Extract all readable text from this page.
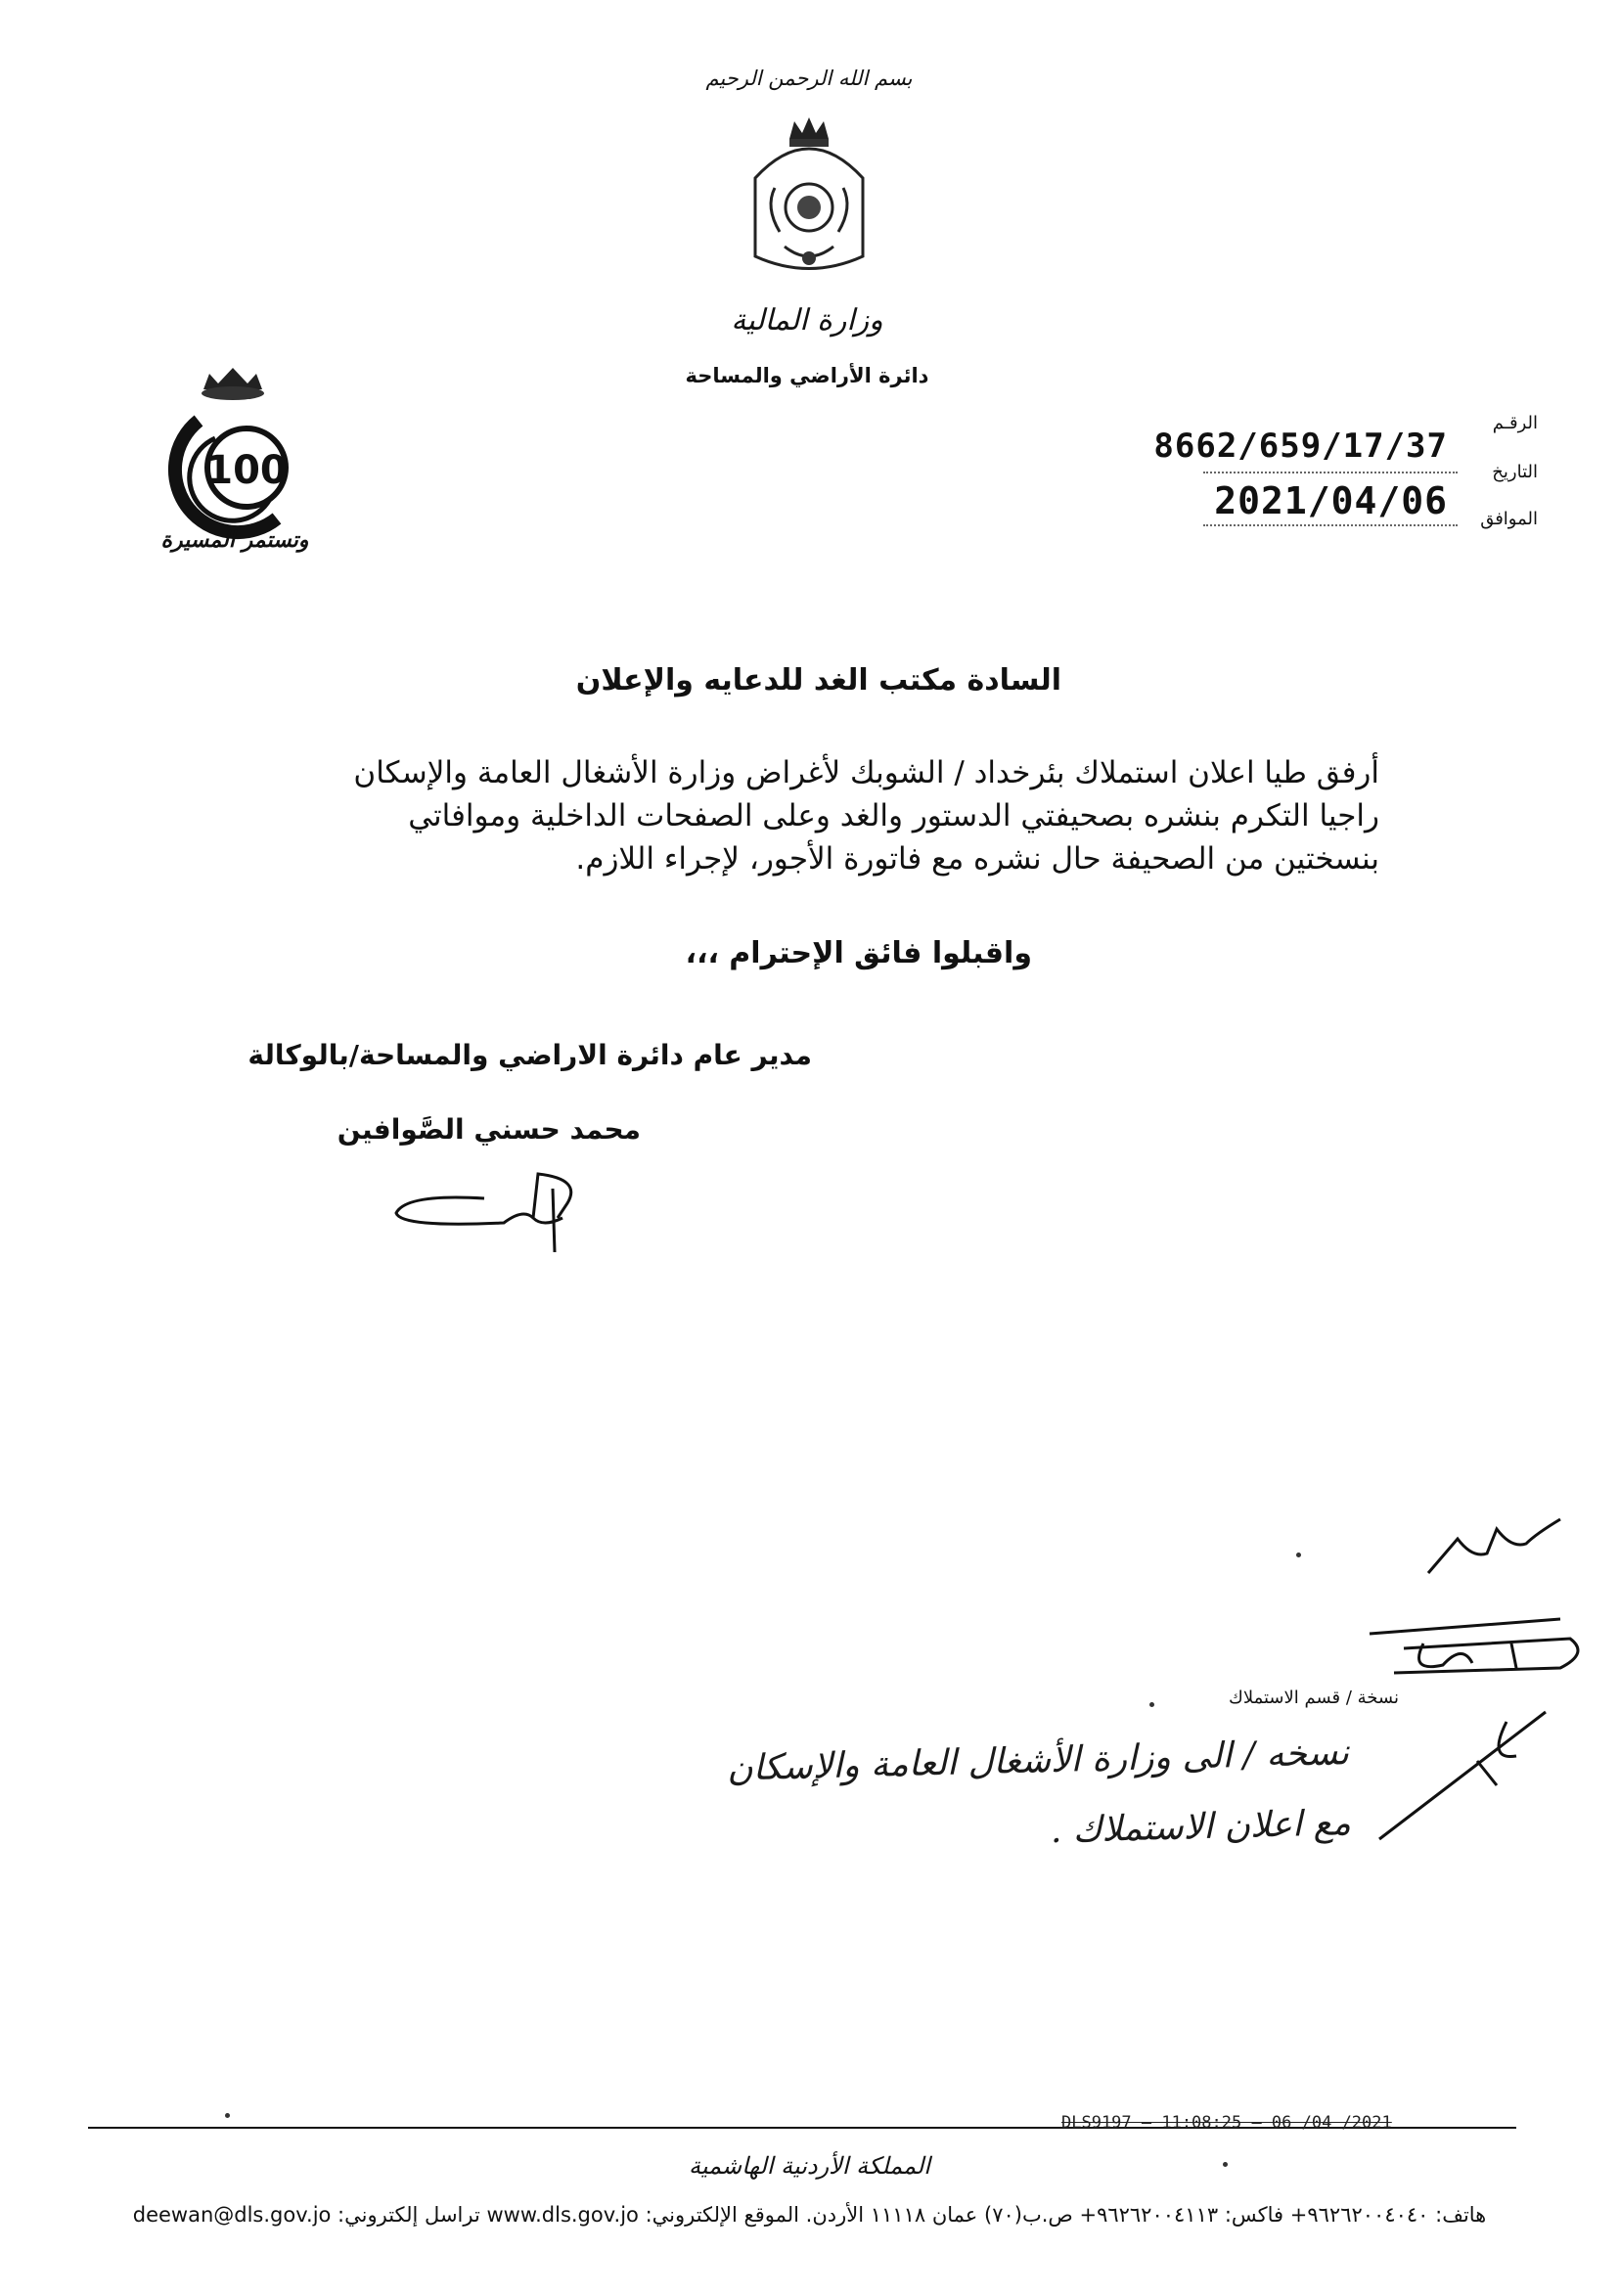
بسم الله الرحمن الرحيم
وزارة المالية
دائرة الأراضي والمساحة
100
وتستمر المسيرة
الرقـم
التاريخ
الموافق
8662/659/17/37
2021/04/06
السادة مكتب الغد للدعايه والإعلان
أرفق طيا اعلان استملاك بئرخداد / الشوبك لأغراض وزارة الأشغال العامة والإسكان راجيا التكرم بنشره بصحيفتي الدستور والغد وعلى الصفحات الداخلية وموافاتي بنسختين من الصحيفة حال نشره مع فاتورة الأجور، لإجراء اللازم.
واقبلوا فائق الإحترام ،،،
مدير عام دائرة الاراضي والمساحة/بالوكالة
محمد حسني الصَّوافين
نسخة / قسم الاستملاك
نسخه / الى وزارة الأشغال العامة والإسكان مع اعلان الاستملاك .
DLS9197 — 11:08:25 — 06 /04 /2021
المملكة الأردنية الهاشمية
هاتف: ٩٦٢٦٢٠٠٤٠٤٠+ فاكس: ٩٦٢٦٢٠٠٤١١٣+ ص.ب(٧٠) عمان ١١١١٨ الأردن. الموقع الإلكتروني: www.dls.gov.jo تراسل إلكتروني: deewan@dls.gov.jo
